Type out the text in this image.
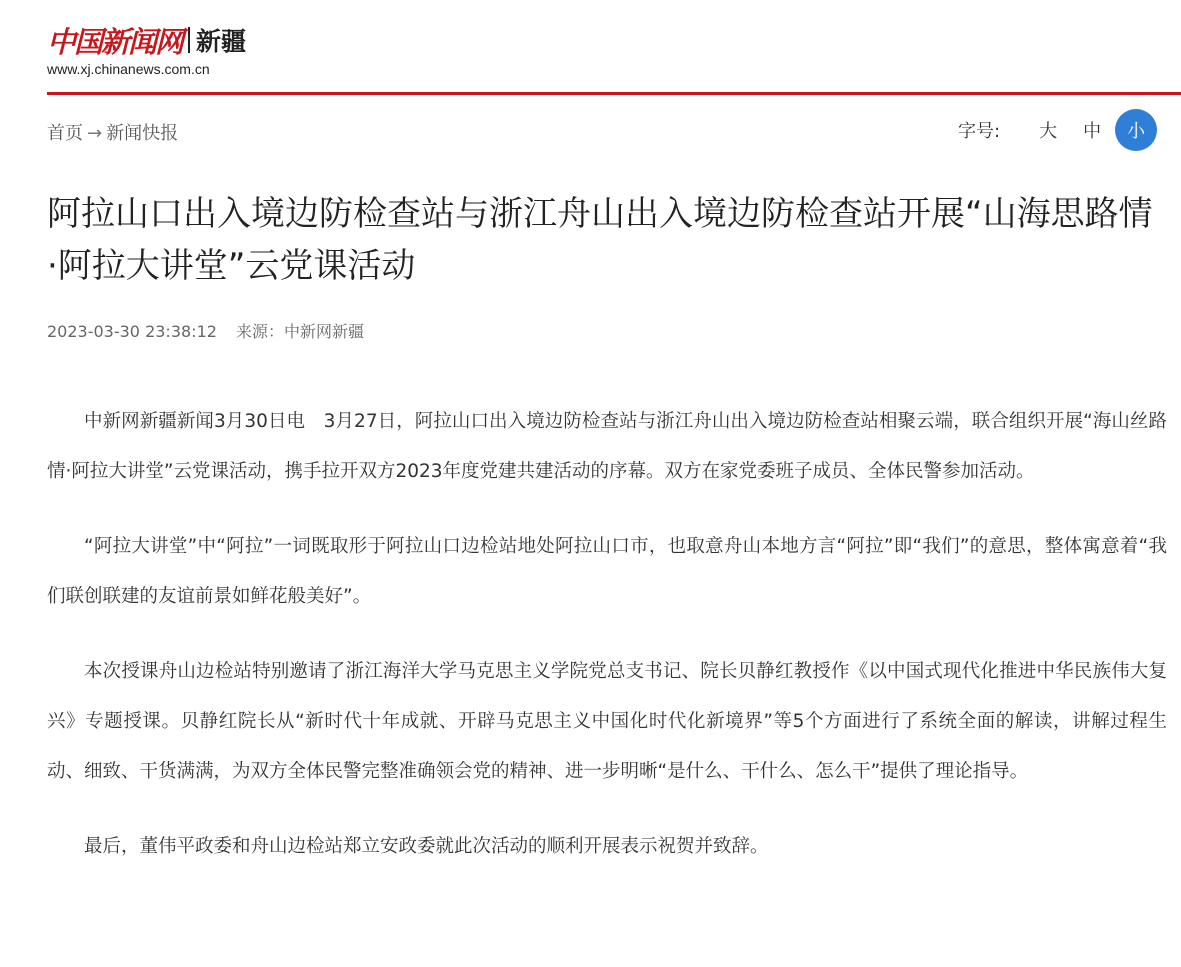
中国新闻网 新疆
www.xj.chinanews.com.cn
首页 → 新闻快报	字号:	大	中	小
阿拉山口出入境边防检查站与浙江舟山出入境边防检查站开展“山海思路情·阿拉大讲堂”云党课活动
2023-03-30 23:38:12 来源：中新网新疆

中新网新疆新闻3月30日电　3月27日，阿拉山口出入境边防检查站与浙江舟山出入境边防检查站相聚云端，联合组织开展“海山丝路情·阿拉大讲堂”云党课活动，携手拉开双方2023年度党建共建活动的序幕。双方在家党委班子成员、全体民警参加活动。

“阿拉大讲堂”中“阿拉”一词既取形于阿拉山口边检站地处阿拉山口市，也取意舟山本地方言“阿拉”即“我们”的意思，整体寓意着“我们联创联建的友谊前景如鲜花般美好”。

本次授课舟山边检站特别邀请了浙江海洋大学马克思主义学院党总支书记、院长贝静红教授作《以中国式现代化推进中华民族伟大复兴》专题授课。贝静红院长从“新时代十年成就、开辟马克思主义中国化时代化新境界”等5个方面进行了系统全面的解读，讲解过程生动、细致、干货满满，为双方全体民警完整准确领会党的精神、进一步明晰“是什么、干什么、怎么干”提供了理论指导。

最后，董伟平政委和舟山边检站郑立安政委就此次活动的顺利开展表示祝贺并致辞。
